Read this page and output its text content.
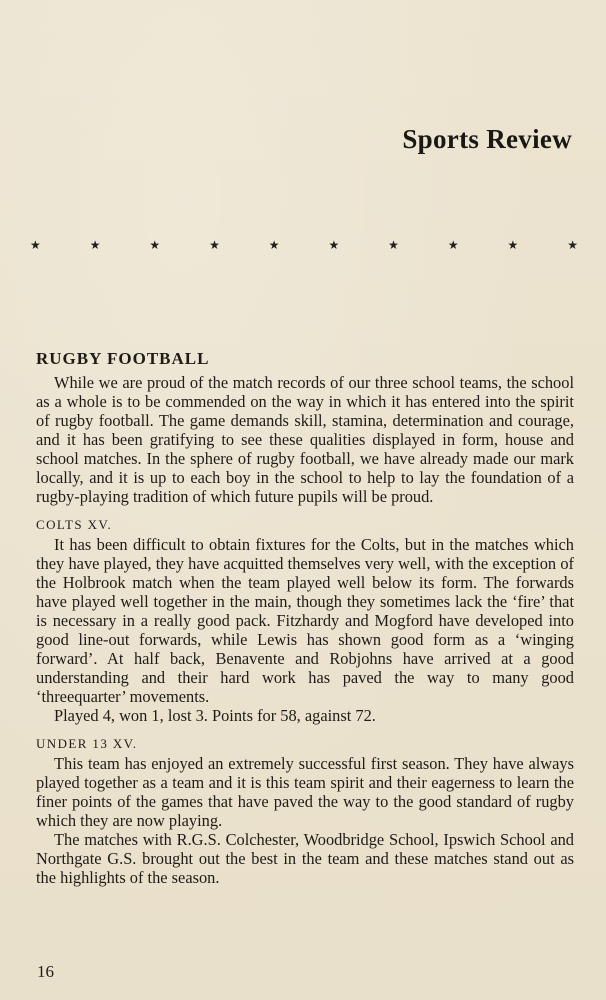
Sports Review
★	★	★	★	★	★	★	★	★	★
RUGBY FOOTBALL

While we are proud of the match records of our three school teams, the school as a whole is to be commended on the way in which it has entered into the spirit of rugby football. The game demands skill, stamina, determination and courage, and it has been gratifying to see these qualities displayed in form, house and school matches. In the sphere of rugby football, we have already made our mark locally, and it is up to each boy in the school to help to lay the foundation of a rugby-playing tradition of which future pupils will be proud.

COLTS XV.

It has been difficult to obtain fixtures for the Colts, but in the matches which they have played, they have acquitted themselves very well, with the exception of the Holbrook match when the team played well below its form. The forwards have played well together in the main, though they sometimes lack the ‘fire’ that is necessary in a really good pack. Fitzhardy and Mogford have developed into good line-out forwards, while Lewis has shown good form as a ‘winging forward’. At half back, Benavente and Robjohns have arrived at a good understanding and their hard work has paved the way to many good ‘threequarter’ movements.

Played 4, won 1, lost 3. Points for 58, against 72.

UNDER 13 XV.

This team has enjoyed an extremely successful first season. They have always played together as a team and it is this team spirit and their eagerness to learn the finer points of the games that have paved the way to the good standard of rugby which they are now playing.

The matches with R.G.S. Colchester, Woodbridge School, Ipswich School and Northgate G.S. brought out the best in the team and these matches stand out as the highlights of the season.

16
